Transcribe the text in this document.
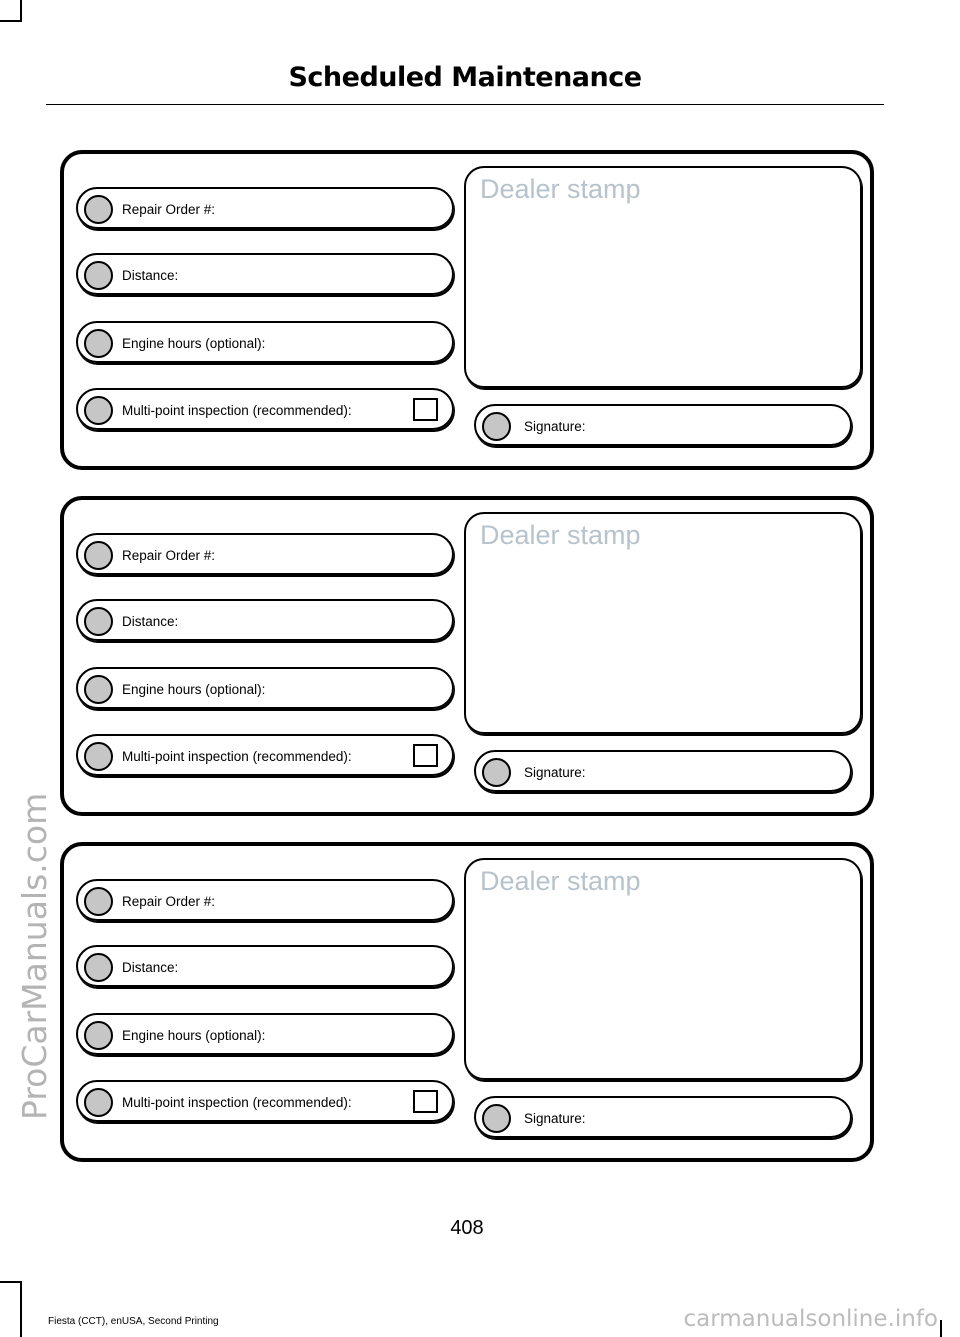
Scheduled Maintenance
ProCarManuals.com
Repair Order #:
Distance:
Engine hours (optional):
Multi-point inspection (recommended):
Dealer stamp
Signature:
Repair Order #:
Distance:
Engine hours (optional):
Multi-point inspection (recommended):
Dealer stamp
Signature:
Repair Order #:
Distance:
Engine hours (optional):
Multi-point inspection (recommended):
Dealer stamp
Signature:
408
Fiesta (CCT), enUSA, Second Printing	carmanualsonline.info
